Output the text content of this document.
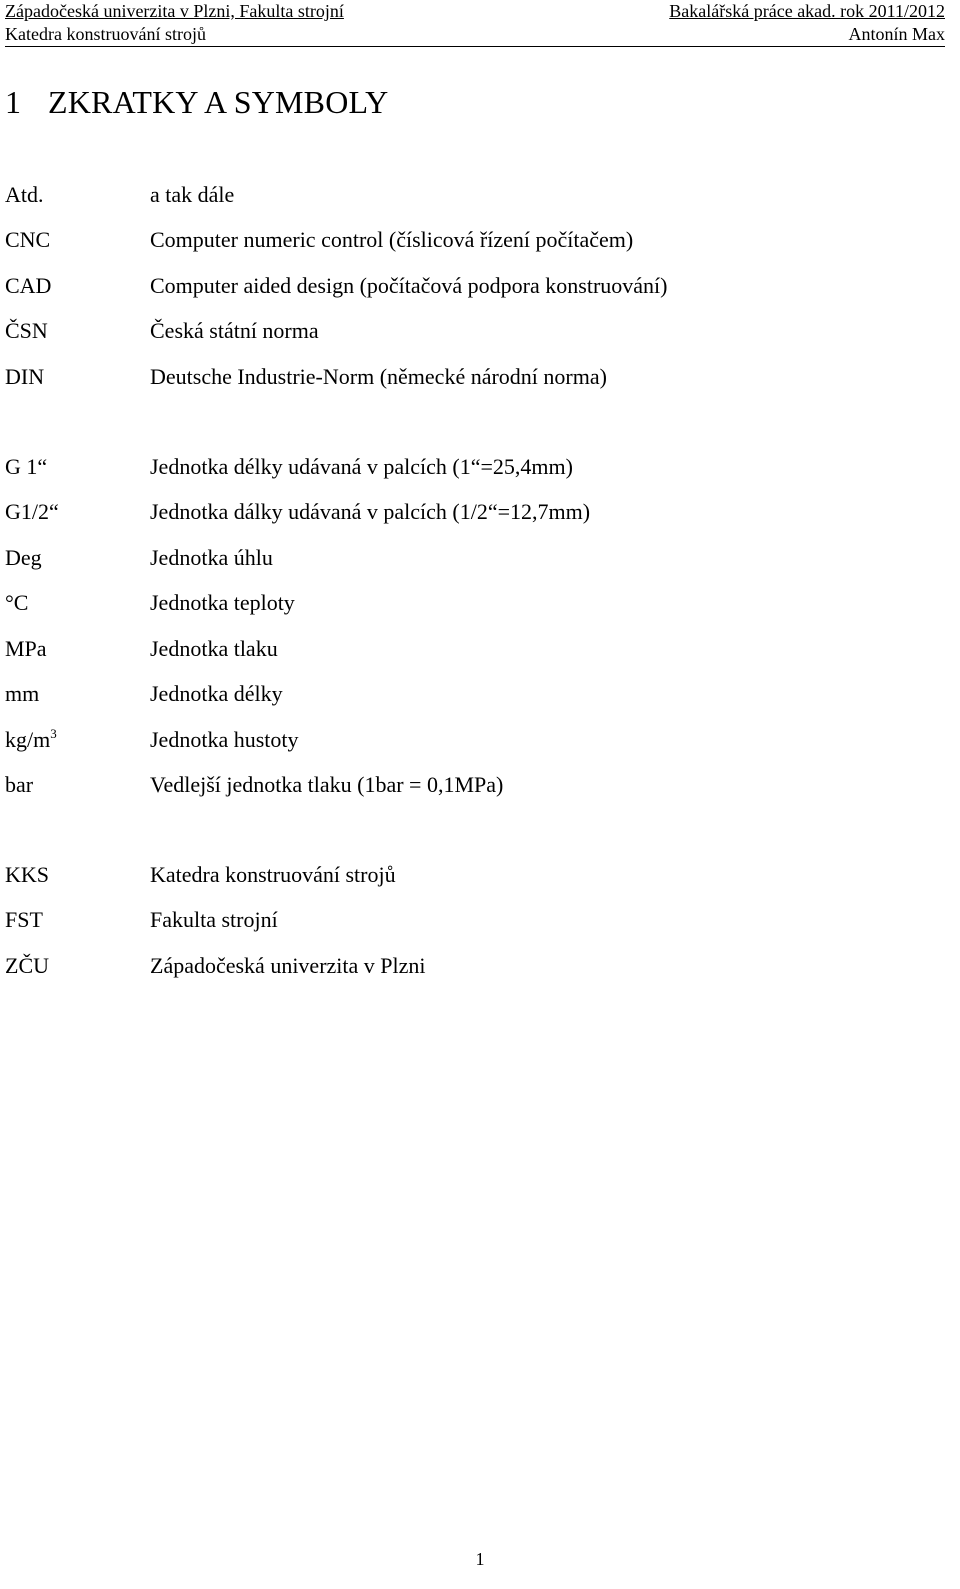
Západočeská univerzita v Plzni, Fakulta strojní	Bakalářská práce akad. rok 2011/2012
Katedra konstruování strojů	Antonín Max
1 ZKRATKY A SYMBOLY
Atd.	a tak dále
CNC	Computer numeric control (číslicová řízení počítačem)
CAD	Computer aided design (počítačová podpora konstruování)
ČSN	Česká státní norma
DIN	Deutsche Industrie-Norm (německé národní norma)
G 1“	Jednotka délky udávaná v palcích (1“=25,4mm)
G1/2“	Jednotka dálky udávaná v palcích (1/2“=12,7mm)
Deg	Jednotka úhlu
°C	Jednotka teploty
MPa	Jednotka tlaku
mm	Jednotka délky
$kg/m^3$	Jednotka hustoty
bar	Vedlejší jednotka tlaku (1bar = 0,1MPa)
KKS	Katedra konstruování strojů
FST	Fakulta strojní
ZČU	Západočeská univerzita v Plzni
1
